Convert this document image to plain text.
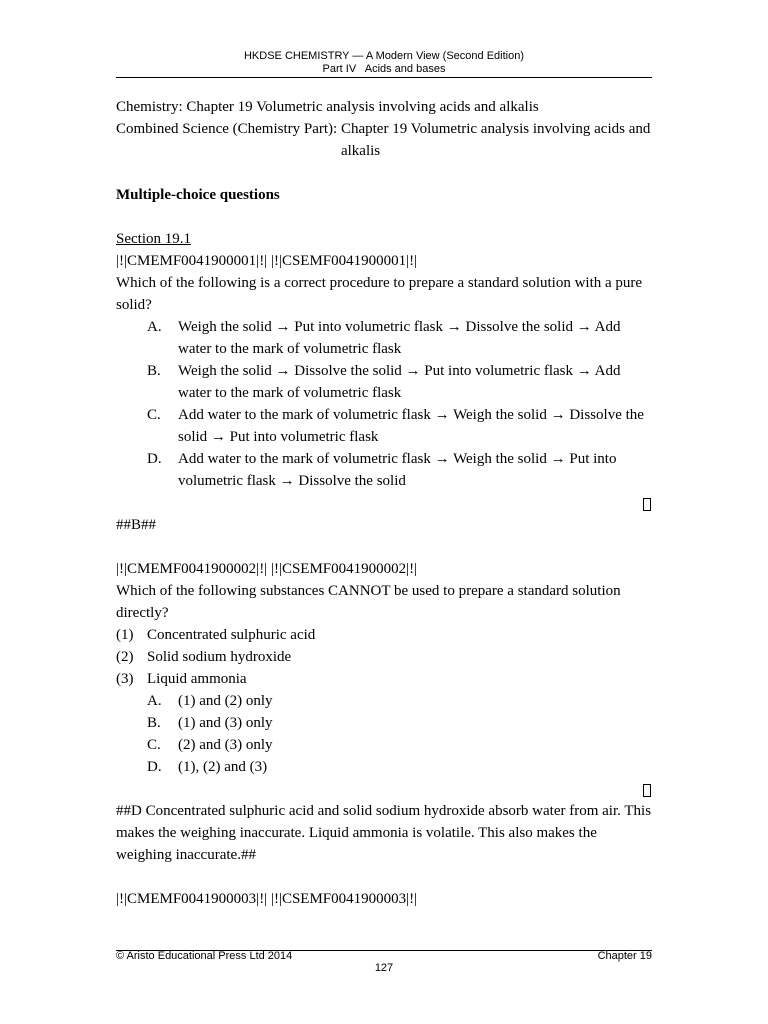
HKDSE CHEMISTRY — A Modern View (Second Edition)
Part IV   Acids and bases

Chemistry: Chapter 19 Volumetric analysis involving acids and alkalis

Combined Science (Chemistry Part): Chapter 19 Volumetric analysis involving acids and alkalis

Multiple-choice questions

Section 19.1

|!|CMEMF0041900001|!| |!|CSEMF0041900001|!|

Which of the following is a correct procedure to prepare a standard solution with a pure solid?

A.	Weigh the solid → Put into volumetric flask → Dissolve the solid → Add water to the mark of volumetric flask
B.	Weigh the solid → Dissolve the solid → Put into volumetric flask → Add water to the mark of volumetric flask
C.	Add water to the mark of volumetric flask → Weigh the solid → Dissolve the solid → Put into volumetric flask
D.	Add water to the mark of volumetric flask → Weigh the solid → Put into volumetric flask → Dissolve the solid

##B##

|!|CMEMF0041900002|!| |!|CSEMF0041900002|!|

Which of the following substances CANNOT be used to prepare a standard solution directly?

(1) Concentrated sulphuric acid
(2) Solid sodium hydroxide
(3) Liquid ammonia
A.	(1) and (2) only
B.	(1) and (3) only
C.	(2) and (3) only
D.	(1), (2) and (3)

##D Concentrated sulphuric acid and solid sodium hydroxide absorb water from air. This makes the weighing inaccurate. Liquid ammonia is volatile. This also makes the weighing inaccurate.##

|!|CMEMF0041900003|!| |!|CSEMF0041900003|!|

© Aristo Educational Press Ltd 2014	Chapter 19
127
